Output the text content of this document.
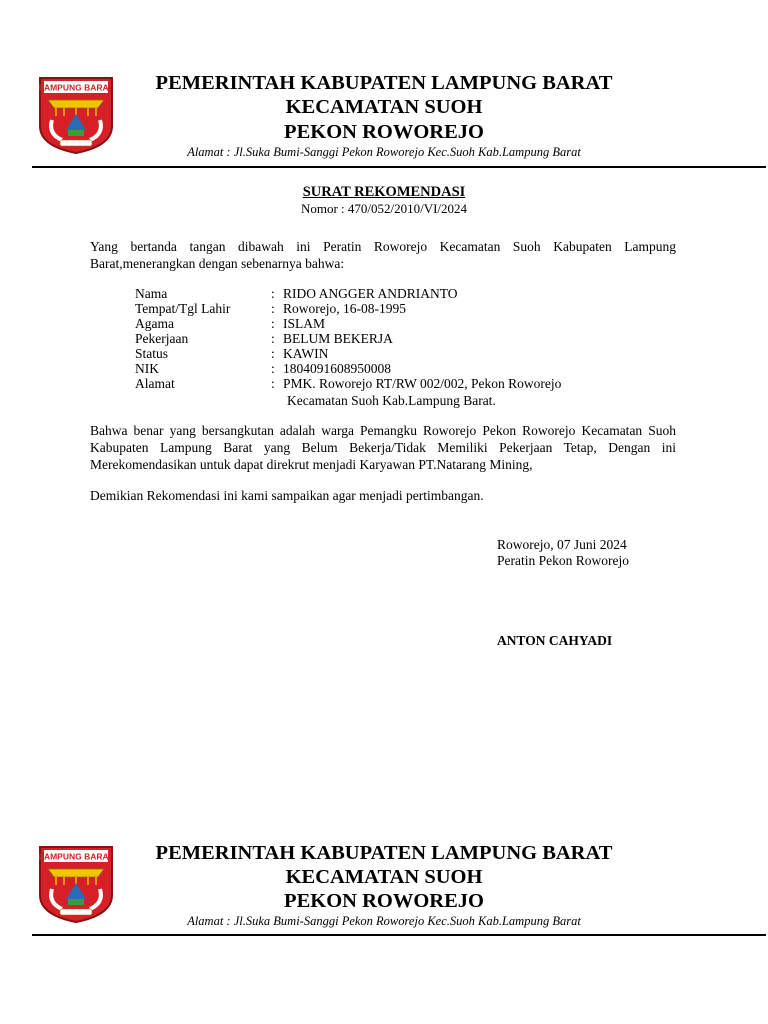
LAMPUNG BARAT	PEMERINTAH KABUPATEN LAMPUNG BARAT
KECAMATAN SUOH
PEKON ROWOREJO
Alamat : Jl.Suka Bumi-Sanggi Pekon Roworejo Kec.Suoh Kab.Lampung Barat
SURAT REKOMENDASI
Nomor : 470/052/2010/VI/2024
Yang bertanda tangan dibawah ini Peratin Roworejo Kecamatan Suoh Kabupaten Lampung Barat,menerangkan dengan sebenarnya bahwa:
Nama	: RIDO ANGGER ANDRIANTO
Tempat/Tgl Lahir	: Roworejo, 16-08-1995
Agama	: ISLAM
Pekerjaan	: BELUM BEKERJA
Status	: KAWIN
NIK	: 1804091608950008
Alamat	: PMK. Roworejo RT/RW 002/002, Pekon Roworejo
Kecamatan Suoh Kab.Lampung Barat.
Bahwa benar yang bersangkutan adalah warga Pemangku Roworejo Pekon Roworejo Kecamatan Suoh Kabupaten Lampung Barat yang Belum Bekerja/Tidak Memiliki Pekerjaan Tetap, Dengan ini Merekomendasikan untuk dapat direkrut menjadi Karyawan PT.Natarang Mining,
Demikian Rekomendasi ini kami sampaikan agar menjadi pertimbangan.
Roworejo, 07 Juni 2024
Peratin Pekon Roworejo
ANTON CAHYADI
LAMPUNG BARAT	PEMERINTAH KABUPATEN LAMPUNG BARAT
KECAMATAN SUOH
PEKON ROWOREJO
Alamat : Jl.Suka Bumi-Sanggi Pekon Roworejo Kec.Suoh Kab.Lampung Barat
